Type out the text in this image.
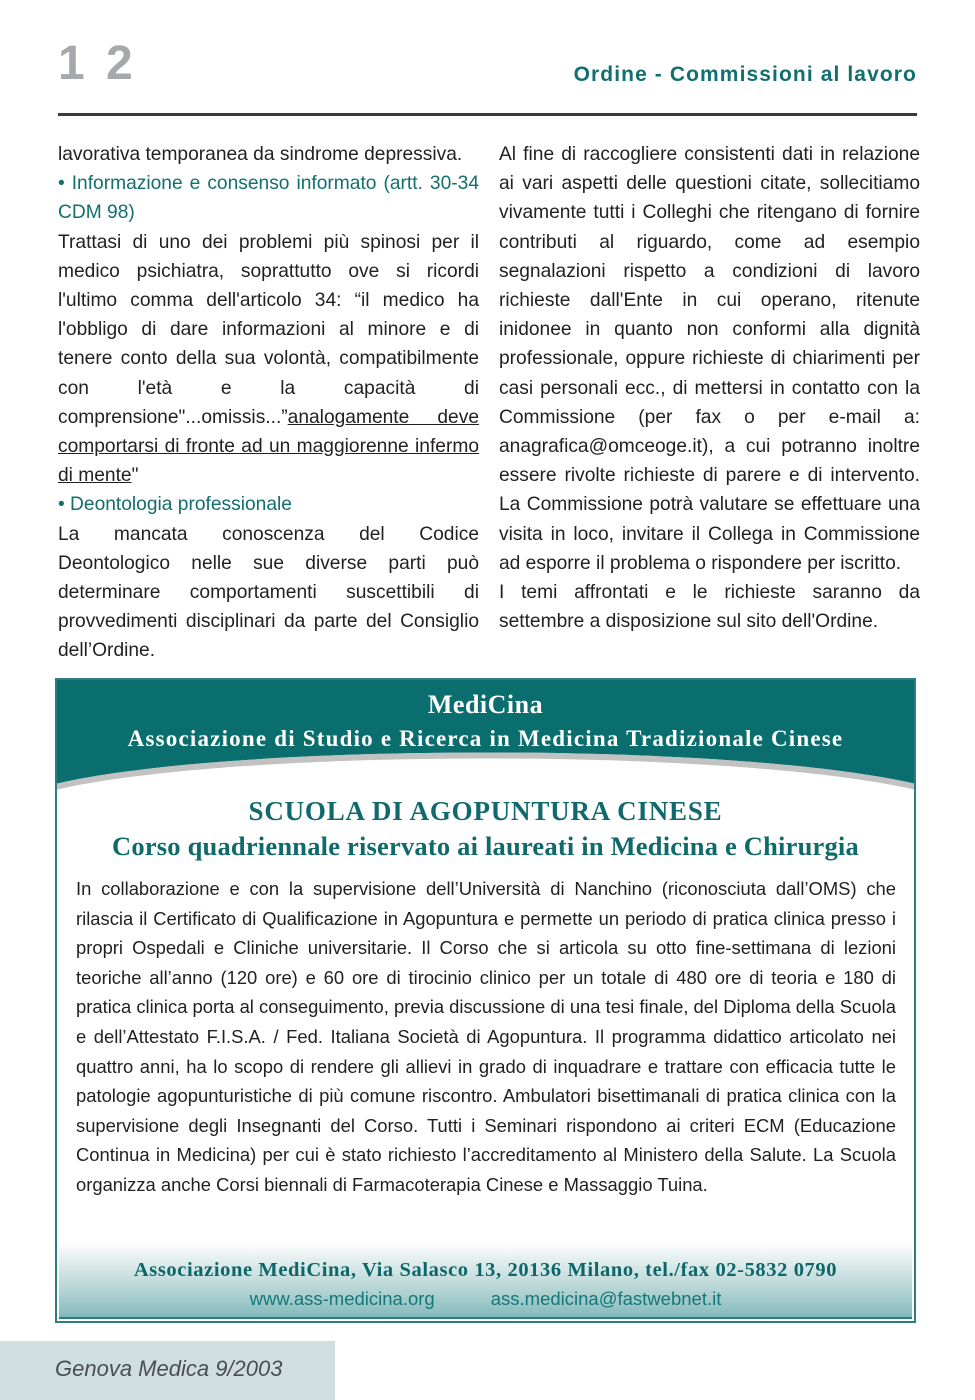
1 2	Ordine - Commissioni al lavoro

lavorativa temporanea da sindrome depressiva.

• Informazione e consenso informato (artt. 30-34 CDM 98)

Trattasi di uno dei problemi più spinosi per il medico psichiatra, soprattutto ove si ricordi l'ultimo comma dell'articolo 34: “il medico ha l'obbligo di dare informazioni al minore e di tenere conto della sua volontà, compatibilmente con l'età e la capacità di comprensione"...omissis...”analogamente deve comportarsi di fronte ad un maggiorenne infermo di mente"

• Deontologia professionale

La mancata conoscenza del Codice Deontologico nelle sue diverse parti può determinare comportamenti suscettibili di provvedimenti disciplinari da parte del Consiglio dell’Ordine.

Al fine di raccogliere consistenti dati in relazione ai vari aspetti delle questioni citate, sollecitiamo vivamente tutti i Colleghi che ritengano di fornire contributi al riguardo, come ad esempio segnalazioni rispetto a condizioni di lavoro richieste dall'Ente in cui operano, ritenute inidonee in quanto non conformi alla dignità professionale, oppure richieste di chiarimenti per casi personali ecc., di mettersi in contatto con la Commissione (per fax o per e-mail a: anagrafica@omceoge.it), a cui potranno inoltre essere rivolte richieste di parere e di intervento. La Commissione potrà valutare se effettuare una visita in loco, invitare il Collega in Commissione ad esporre il problema o rispondere per iscritto.

I temi affrontati e le richieste saranno da settembre a disposizione sul sito dell'Ordine.

MediCina
Associazione di Studio e Ricerca in Medicina Tradizionale Cinese
SCUOLA DI AGOPUNTURA CINESE
Corso quadriennale riservato ai laureati in Medicina e Chirurgia
In collaborazione e con la supervisione dell’Università di Nanchino (riconosciuta dall’OMS) che rilascia il Certificato di Qualificazione in Agopuntura e permette un periodo di pratica clinica presso i propri Ospedali e Cliniche universitarie. Il Corso che si articola su otto fine-settimana di lezioni teoriche all’anno (120 ore) e 60 ore di tirocinio clinico per un totale di 480 ore di teoria e 180 di pratica clinica porta al conseguimento, previa discussione di una tesi finale, del Diploma della Scuola e dell’Attestato F.I.S.A. / Fed. Italiana Società di Agopuntura. Il programma didattico articolato nei quattro anni, ha lo scopo di rendere gli allievi in grado di inquadrare e trattare con efficacia tutte le patologie agopunturistiche di più comune riscontro. Ambulatori bisettimanali di pratica clinica con la supervisione degli Insegnanti del Corso. Tutti i Seminari rispondono ai criteri ECM (Educazione Continua in Medicina) per cui è stato richiesto l’accreditamento al Ministero della Salute. La Scuola organizza anche Corsi biennali di Farmacoterapia Cinese e Massaggio Tuina.
Associazione MediCina, Via Salasco 13, 20136 Milano, tel./fax 02-5832 0790
www.ass-medicina.org	ass.medicina@fastwebnet.it
Genova Medica 9/2003
